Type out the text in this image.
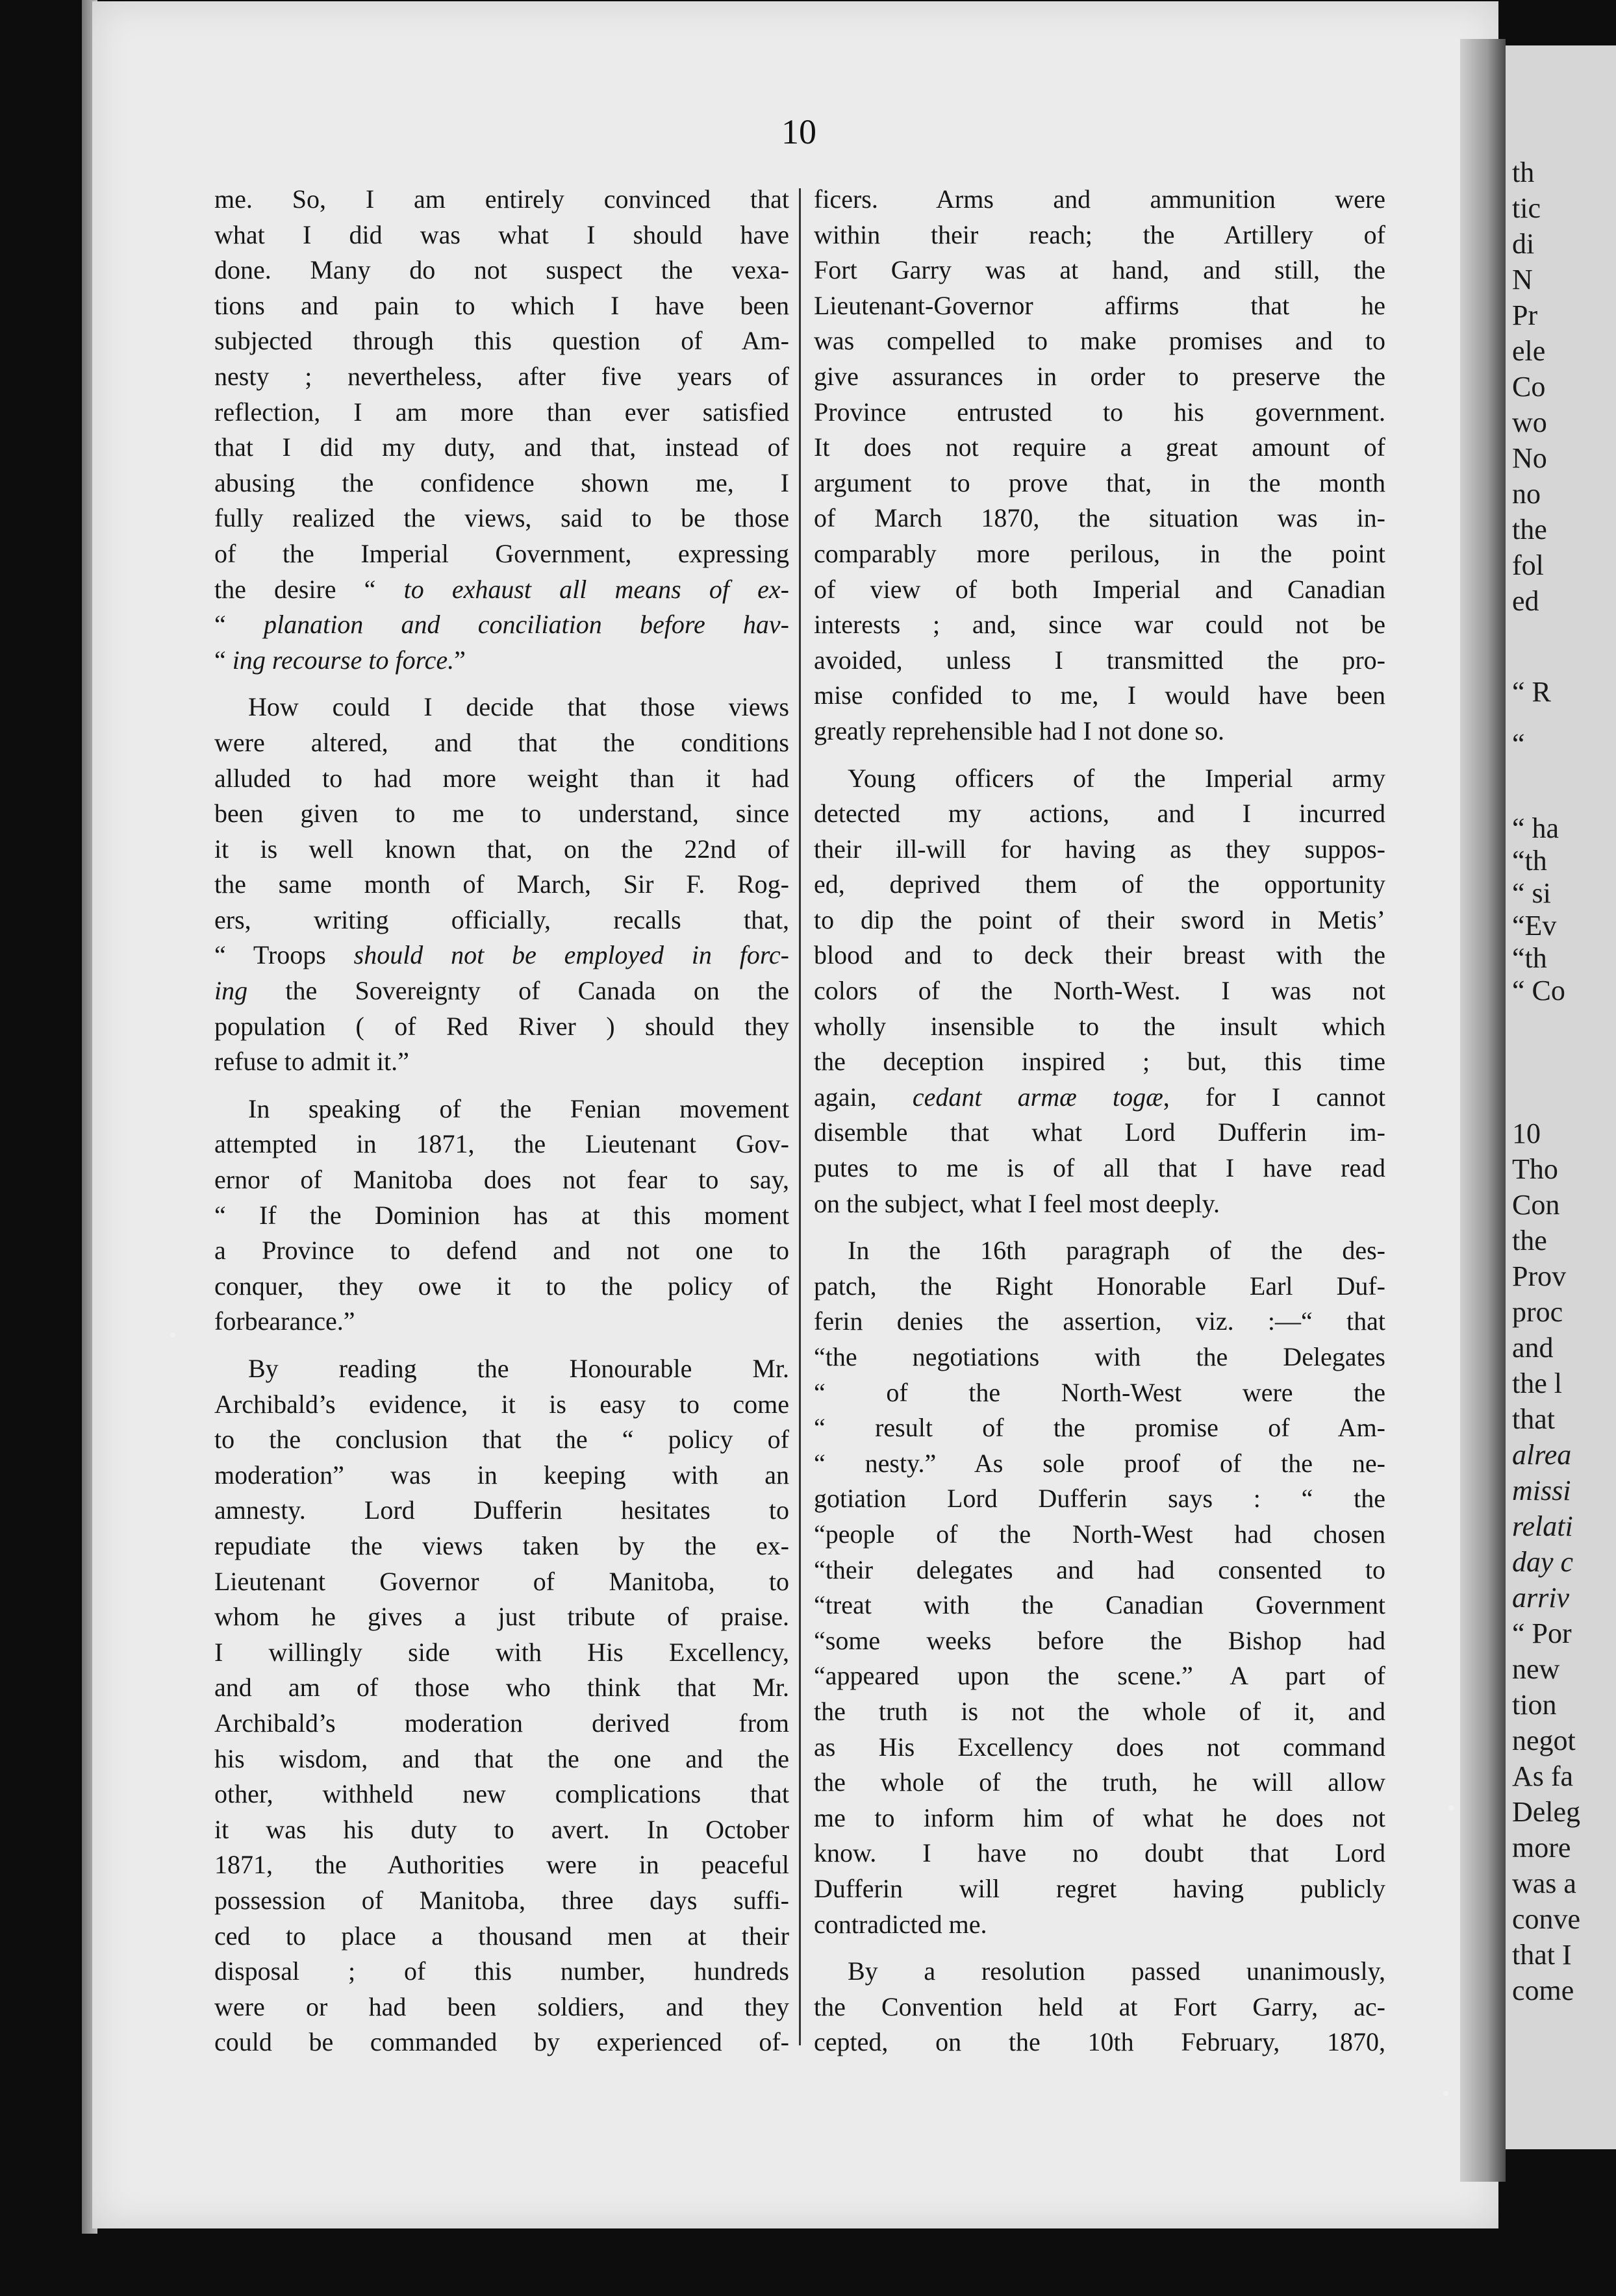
th
tic
di
N
Pr
ele
Co
wo
No
no
the
fol
ed
“ R
“
“ ha
“th
“ si
“Ev
“th
“ Co
10
Tho
Con
the
Prov
proc
and
the l
that
alrea
missi
relati
day c
arriv
“ Por
new
tion
negot
As fa
Deleg
more
was a
conve
that I
come
10
me. So, I am entirely convinced that
what I did was what I should have
done. Many do not suspect the vexa-
tions and pain to which I have been
subjected through this question of Am-
nesty ; nevertheless, after five years of
reflection, I am more than ever satisfied
that I did my duty, and that, instead of
abusing the confidence shown me, I
fully realized the views, said to be those
of the Imperial Government, expressing
the desire “ to exhaust all means of ex-
“ planation and conciliation before hav-
“ ing recourse to force.”
How could I decide that those views
were altered, and that the conditions
alluded to had more weight than it had
been given to me to understand, since
it is well known that, on the 22nd of
the same month of March, Sir F. Rog-
ers, writing officially, recalls that,
“ Troops should not be employed in forc-
ing the Sovereignty of Canada on the
population ( of Red River ) should they
refuse to admit it.”
In speaking of the Fenian movement
attempted in 1871, the Lieutenant Gov-
ernor of Manitoba does not fear to say,
“ If the Dominion has at this moment
a Province to defend and not one to
conquer, they owe it to the policy of
forbearance.”
By reading the Honourable Mr.
Archibald’s evidence, it is easy to come
to the conclusion that the “ policy of
moderation” was in keeping with an
amnesty. Lord Dufferin hesitates to
repudiate the views taken by the ex-
Lieutenant Governor of Manitoba, to
whom he gives a just tribute of praise.
I willingly side with His Excellency,
and am of those who think that Mr.
Archibald’s moderation derived from
his wisdom, and that the one and the
other, withheld new complications that
it was his duty to avert. In October
1871, the Authorities were in peaceful
possession of Manitoba, three days suffi-
ced to place a thousand men at their
disposal ; of this number, hundreds
were or had been soldiers, and they
could be commanded by experienced of-
ficers. Arms and ammunition were
within their reach; the Artillery of
Fort Garry was at hand, and still, the
Lieutenant-Governor affirms that he
was compelled to make promises and to
give assurances in order to preserve the
Province entrusted to his government.
It does not require a great amount of
argument to prove that, in the month
of March 1870, the situation was in-
comparably more perilous, in the point
of view of both Imperial and Canadian
interests ; and, since war could not be
avoided, unless I transmitted the pro-
mise confided to me, I would have been
greatly reprehensible had I not done so.
Young officers of the Imperial army
detected my actions, and I incurred
their ill-will for having as they suppos-
ed, deprived them of the opportunity
to dip the point of their sword in Metis’
blood and to deck their breast with the
colors of the North-West. I was not
wholly insensible to the insult which
the deception inspired ; but, this time
again, cedant armæ togæ, for I cannot
disemble that what Lord Dufferin im-
putes to me is of all that I have read
on the subject, what I feel most deeply.
In the 16th paragraph of the des-
patch, the Right Honorable Earl Duf-
ferin denies the assertion, viz. :—“ that
“the negotiations with the Delegates
“ of the North-West were the
“ result of the promise of Am-
“ nesty.” As sole proof of the ne-
gotiation Lord Dufferin says : “ the
“people of the North-West had chosen
“their delegates and had consented to
“treat with the Canadian Government
“some weeks before the Bishop had
“appeared upon the scene.” A part of
the truth is not the whole of it, and
as His Excellency does not command
the whole of the truth, he will allow
me to inform him of what he does not
know. I have no doubt that Lord
Dufferin will regret having publicly
contradicted me.
By a resolution passed unanimously,
the Convention held at Fort Garry, ac-
cepted, on the 10th February, 1870,
